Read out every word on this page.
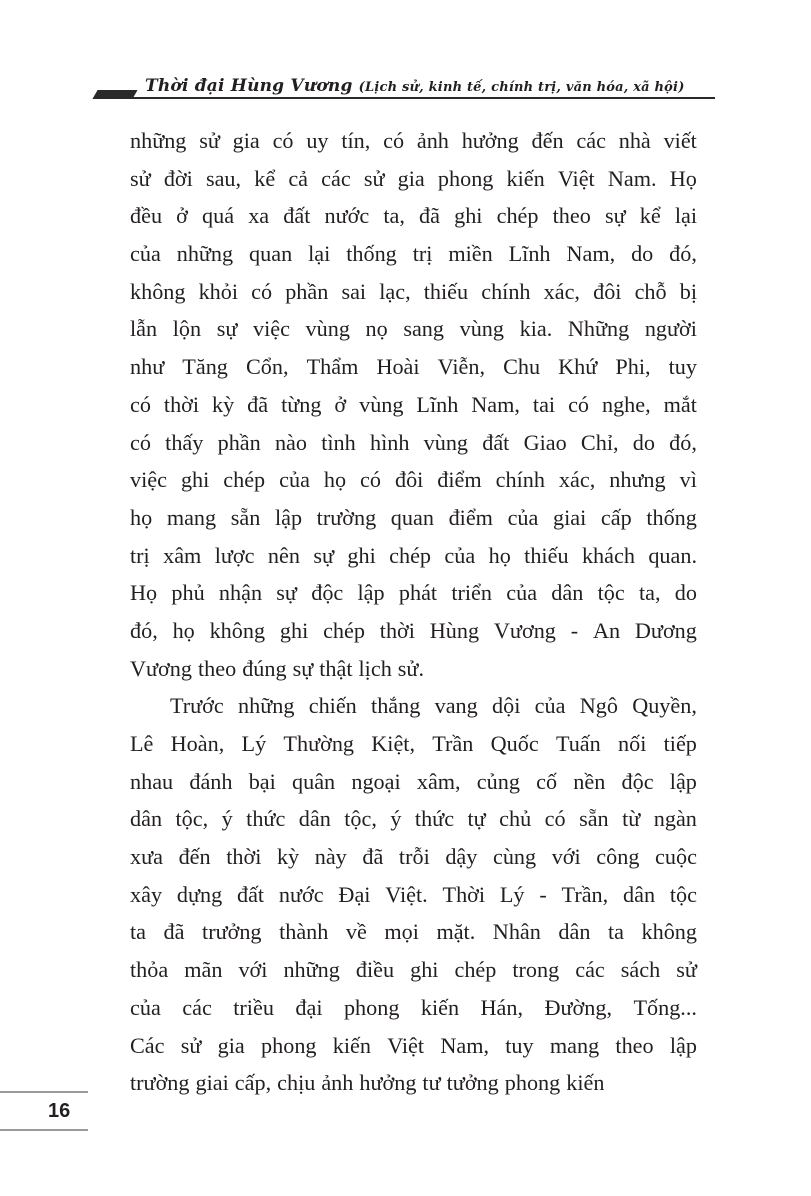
Thời đại Hùng Vương (Lịch sử, kinh tế, chính trị, văn hóa, xã hội)
những sử gia có uy tín, có ảnh hưởng đến các nhà viết
sử đời sau, kể cả các sử gia phong kiến Việt Nam. Họ
đều ở quá xa đất nước ta, đã ghi chép theo sự kể lại
của những quan lại thống trị miền Lĩnh Nam, do đó,
không khỏi có phần sai lạc, thiếu chính xác, đôi chỗ bị
lẫn lộn sự việc vùng nọ sang vùng kia. Những người
như Tăng Cổn, Thẩm Hoài Viễn, Chu Khứ Phi, tuy
có thời kỳ đã từng ở vùng Lĩnh Nam, tai có nghe, mắt
có thấy phần nào tình hình vùng đất Giao Chỉ, do đó,
việc ghi chép của họ có đôi điểm chính xác, nhưng vì
họ mang sẵn lập trường quan điểm của giai cấp thống
trị xâm lược nên sự ghi chép của họ thiếu khách quan.
Họ phủ nhận sự độc lập phát triển của dân tộc ta, do
đó, họ không ghi chép thời Hùng Vương - An Dương
Vương theo đúng sự thật lịch sử.
Trước những chiến thắng vang dội của Ngô Quyền,
Lê Hoàn, Lý Thường Kiệt, Trần Quốc Tuấn nối tiếp
nhau đánh bại quân ngoại xâm, củng cố nền độc lập
dân tộc, ý thức dân tộc, ý thức tự chủ có sẵn từ ngàn
xưa đến thời kỳ này đã trỗi dậy cùng với công cuộc
xây dựng đất nước Đại Việt. Thời Lý - Trần, dân tộc
ta đã trưởng thành về mọi mặt. Nhân dân ta không
thỏa mãn với những điều ghi chép trong các sách sử
của các triều đại phong kiến Hán, Đường, Tống...
Các sử gia phong kiến Việt Nam, tuy mang theo lập
trường giai cấp, chịu ảnh hưởng tư tưởng phong kiến
16
